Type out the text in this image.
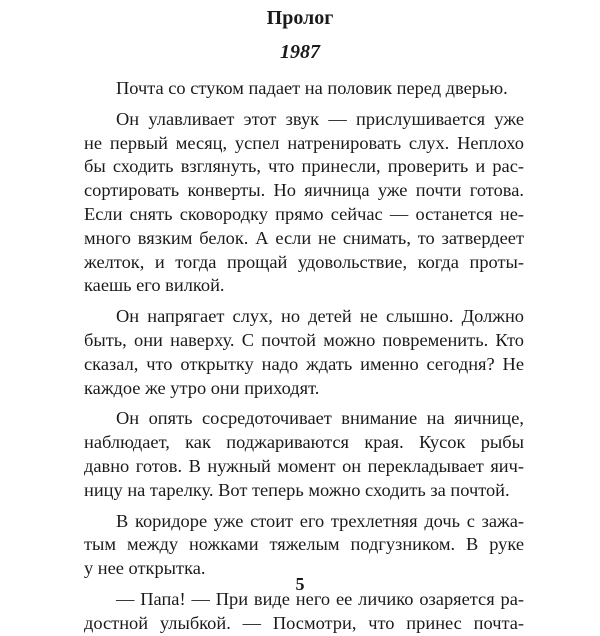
Пролог
1987
Почта со стуком падает на половик перед дверью.
Он улавливает этот звук — прислушивается уже
не первый месяц, успел натренировать слух. Неплохо
бы сходить взглянуть, что принесли, проверить и рас-
сортировать конверты. Но яичница уже почти готова.
Если снять сковородку прямо сейчас — останется не-
много вязким белок. А если не снимать, то затвердеет
желток, и тогда прощай удовольствие, когда проты-
каешь его вилкой.
Он напрягает слух, но детей не слышно. Должно
быть, они наверху. С почтой можно повременить. Кто
сказал, что открытку надо ждать именно сегодня? Не
каждое же утро они приходят.
Он опять сосредоточивает внимание на яичнице,
наблюдает, как поджариваются края. Кусок рыбы
давно готов. В нужный момент он перекладывает яич-
ницу на тарелку. Вот теперь можно сходить за почтой.
В коридоре уже стоит его трехлетняя дочь с зажа-
тым между ножками тяжелым подгузником. В руке
у нее открытка.
— Папа! — При виде него ее личико озаряется ра-
достной улыбкой. — Посмотри, что принес почта-
5
